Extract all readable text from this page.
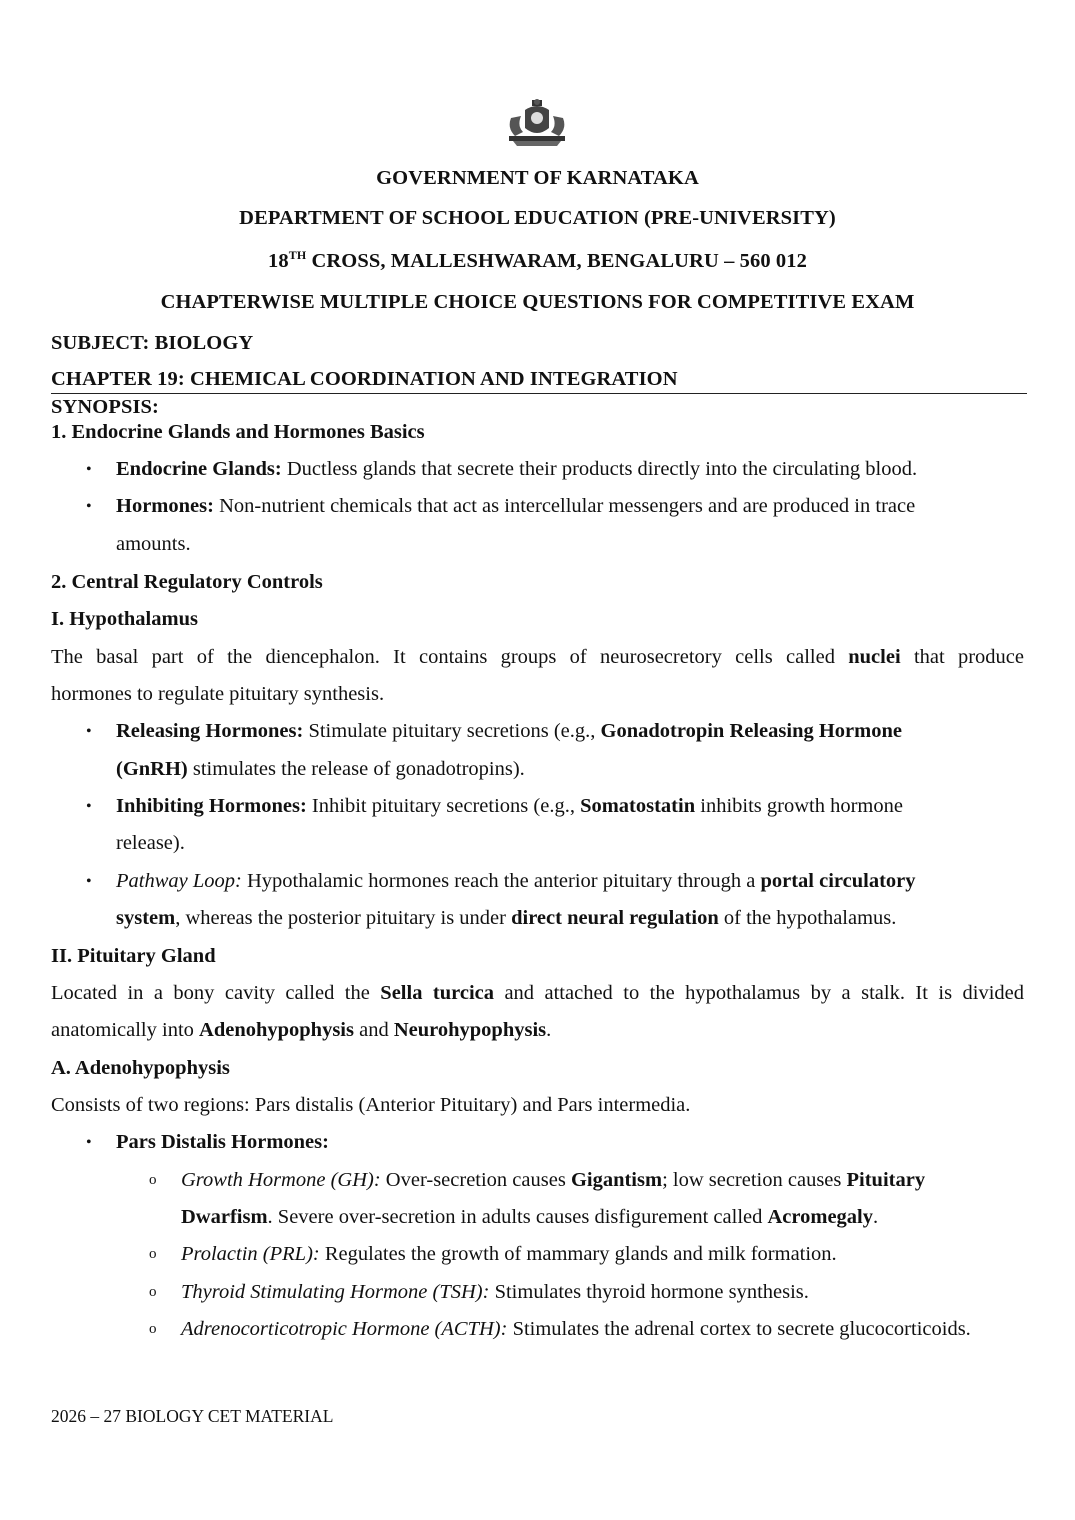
GOVERNMENT OF KARNATAKA
DEPARTMENT OF SCHOOL EDUCATION (PRE-UNIVERSITY)
18TH CROSS, MALLESHWARAM, BENGALURU – 560 012
CHAPTERWISE MULTIPLE CHOICE QUESTIONS FOR COMPETITIVE EXAM
SUBJECT: BIOLOGY
CHAPTER 19: CHEMICAL COORDINATION AND INTEGRATION
SYNOPSIS:
1. Endocrine Glands and Hormones Basics
• Endocrine Glands: Ductless glands that secrete their products directly into the circulating blood.
• Hormones: Non-nutrient chemicals that act as intercellular messengers and are produced in trace
amounts.
2. Central Regulatory Controls
I. Hypothalamus
The basal part of the diencephalon. It contains groups of neurosecretory cells called nuclei that produce
hormones to regulate pituitary synthesis.
• Releasing Hormones: Stimulate pituitary secretions (e.g., Gonadotropin Releasing Hormone
(GnRH) stimulates the release of gonadotropins).
• Inhibiting Hormones: Inhibit pituitary secretions (e.g., Somatostatin inhibits growth hormone
release).
• Pathway Loop: Hypothalamic hormones reach the anterior pituitary through a portal circulatory
system, whereas the posterior pituitary is under direct neural regulation of the hypothalamus.
II. Pituitary Gland
Located in a bony cavity called the Sella turcica and attached to the hypothalamus by a stalk. It is divided
anatomically into Adenohypophysis and Neurohypophysis.
A. Adenohypophysis
Consists of two regions: Pars distalis (Anterior Pituitary) and Pars intermedia.
• Pars Distalis Hormones:
o Growth Hormone (GH): Over-secretion causes Gigantism; low secretion causes Pituitary
Dwarfism. Severe over-secretion in adults causes disfigurement called Acromegaly.
o Prolactin (PRL): Regulates the growth of mammary glands and milk formation.
o Thyroid Stimulating Hormone (TSH): Stimulates thyroid hormone synthesis.
o Adrenocorticotropic Hormone (ACTH): Stimulates the adrenal cortex to secrete glucocorticoids.
2026 – 27 BIOLOGY CET MATERIAL
